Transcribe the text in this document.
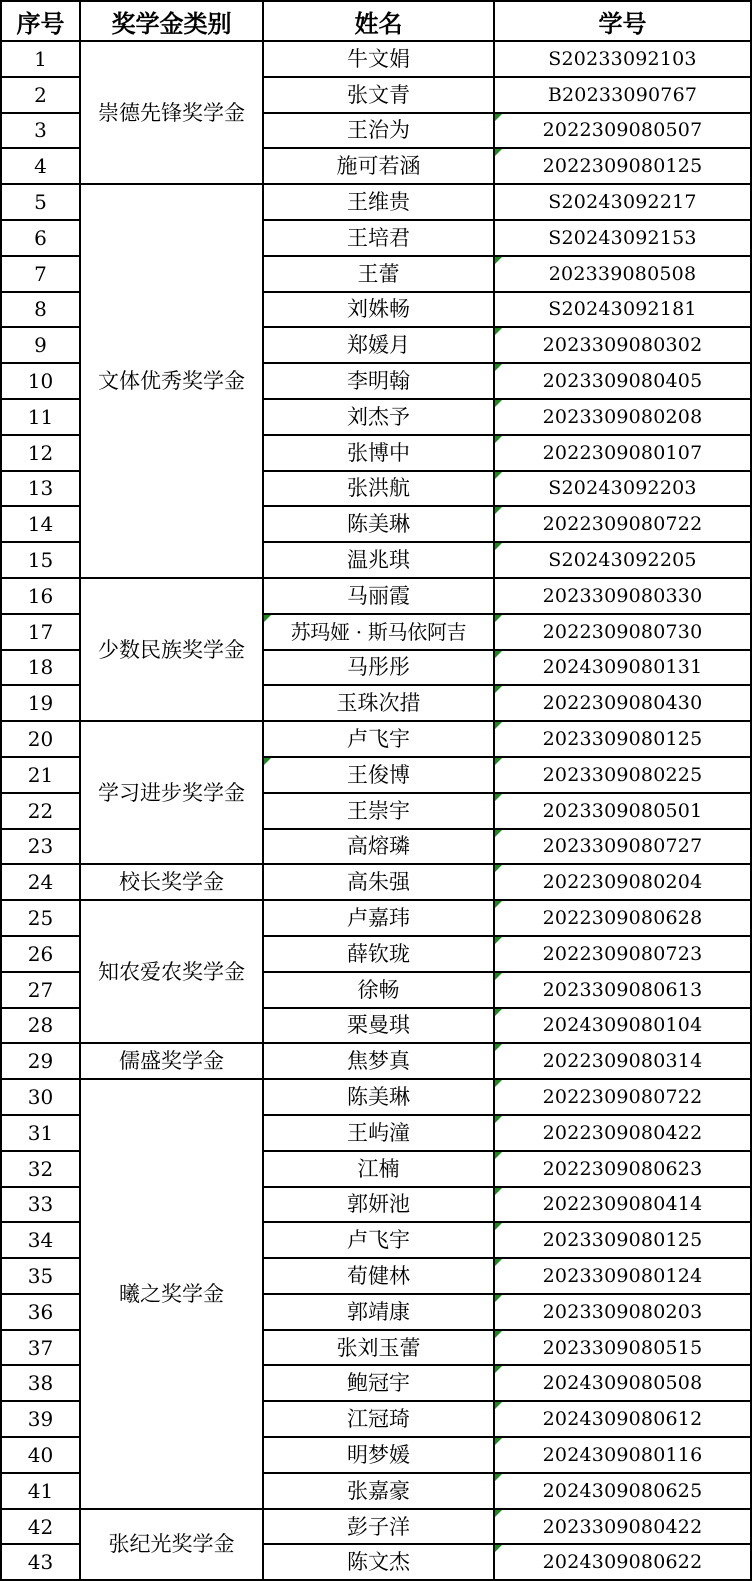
序号	奖学金类别	姓名	学号
1	崇德先锋奖学金	牛文娟	S20233092103
2		张文青	B20233090767
3		王治为	2022309080507
4		施可若涵	2022309080125
5	文体优秀奖学金	王维贵	S20243092217
6		王培君	S20243092153
7		王蕾	202339080508
8		刘姝畅	S20243092181
9		郑媛月	2023309080302
10		李明翰	2023309080405
11		刘杰予	2023309080208
12		张博中	2022309080107
13		张洪航	S20243092203
14		陈美琳	2022309080722
15		温兆琪	S20243092205
16	少数民族奖学金	马丽霞	2023309080330
17		苏玛娅 · 斯马依阿吉	2022309080730
18		马彤彤	2024309080131
19		玉珠次措	2022309080430
20	学习进步奖学金	卢飞宇	2023309080125
21		王俊博	2023309080225
22		王崇宇	2023309080501
23		高熔璘	2023309080727
24	校长奖学金	高朱强	2022309080204
25	知农爱农奖学金	卢嘉玮	2022309080628
26		薛钦珑	2022309080723
27		徐畅	2023309080613
28		栗曼琪	2024309080104
29	儒盛奖学金	焦梦真	2022309080314
30	曦之奖学金	陈美琳	2022309080722
31		王屿潼	2022309080422
32		江楠	2022309080623
33		郭妍池	2022309080414
34		卢飞宇	2023309080125
35		荀健林	2023309080124
36		郭靖康	2023309080203
37		张刘玉蕾	2023309080515
38		鲍冠宇	2024309080508
39		江冠琦	2024309080612
40		明梦媛	2024309080116
41		张嘉豪	2024309080625
42	张纪光奖学金	彭子洋	2023309080422
43		陈文杰	2024309080622
